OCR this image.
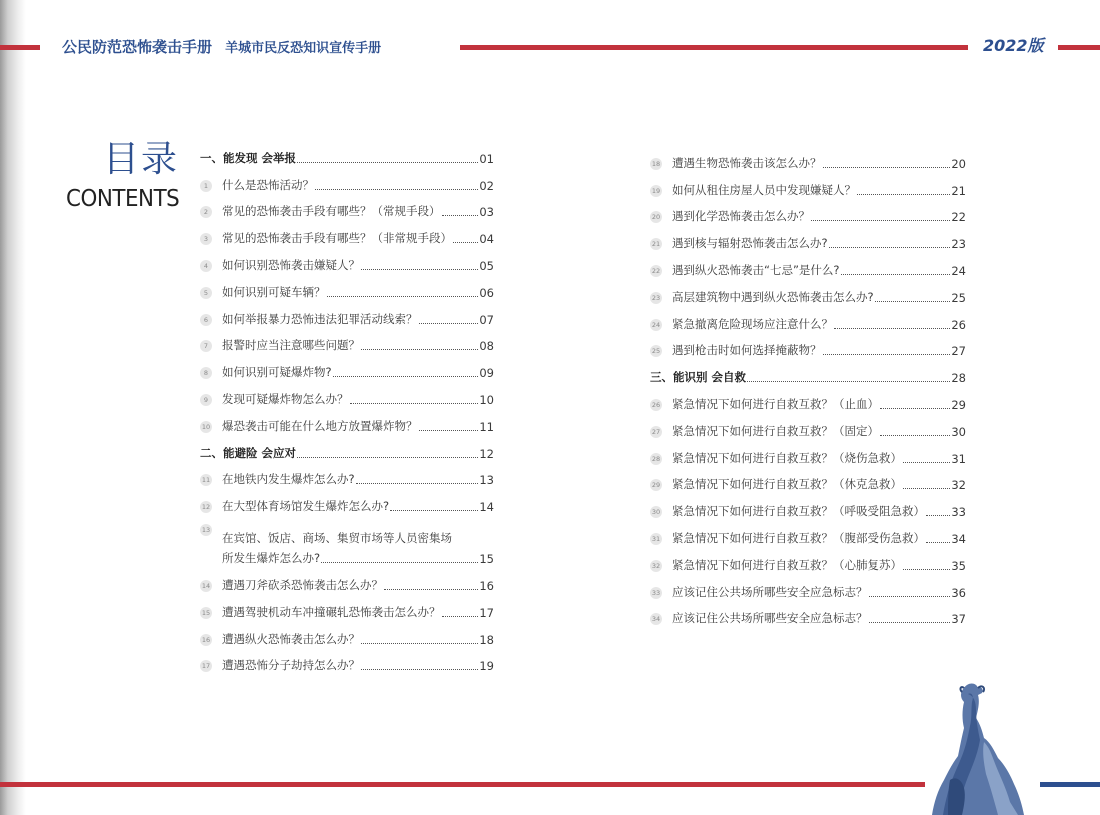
公民防范恐怖袭击手册 羊城市民反恐知识宣传手册	2022版
目录
CONTENTS
一、能发现 会举报	01
1	什么是恐怖活动？	02
2	常见的恐怖袭击手段有哪些？（常规手段）	03
3	常见的恐怖袭击手段有哪些？（非常规手段） 04
4	如何识别恐怖袭击嫌疑人？	05
5	如何识别可疑车辆？	06
6	如何举报暴力恐怖违法犯罪活动线索？	07
7	报警时应当注意哪些问题？	08
8	如何识别可疑爆炸物?	09
9	发现可疑爆炸物怎么办？	10
10 爆恐袭击可能在什么地方放置爆炸物？	11
二、能避险 会应对	12
11 在地铁内发生爆炸怎么办?	13
12 在大型体育场馆发生爆炸怎么办?	14
13
在宾馆、饭店、商场、集贸市场等人员密集场
所发生爆炸怎么办?	15
14 遭遇刀斧砍杀恐怖袭击怎么办？	16
15 遭遇驾驶机动车冲撞碾轧恐怖袭击怎么办？	17
16 遭遇纵火恐怖袭击怎么办？	18
17 遭遇恐怖分子劫持怎么办？	19
18 遭遇生物恐怖袭击该怎么办？	20
19 如何从租住房屋人员中发现嫌疑人？	21
20 遇到化学恐怖袭击怎么办？	22
21 遇到核与辐射恐怖袭击怎么办?	23
22 遇到纵火恐怖袭击“七忌”是什么?	24
23 高层建筑物中遇到纵火恐怖袭击怎么办?	25
24 紧急撤离危险现场应注意什么？	26
25 遇到枪击时如何选择掩蔽物？	27
三、能识别 会自救	28
26 紧急情况下如何进行自救互救？（止血）	29
27 紧急情况下如何进行自救互救？（固定）	30
28 紧急情况下如何进行自救互救？（烧伤急救）	31
29 紧急情况下如何进行自救互救？（休克急救）	32
30 紧急情况下如何进行自救互救？（呼吸受阻急救） 33
31 紧急情况下如何进行自救互救？（腹部受伤急救） 34
32 紧急情况下如何进行自救互救？（心肺复苏）	35
33 应该记住公共场所哪些安全应急标志？	36
34 应该记住公共场所哪些安全应急标志？	37
